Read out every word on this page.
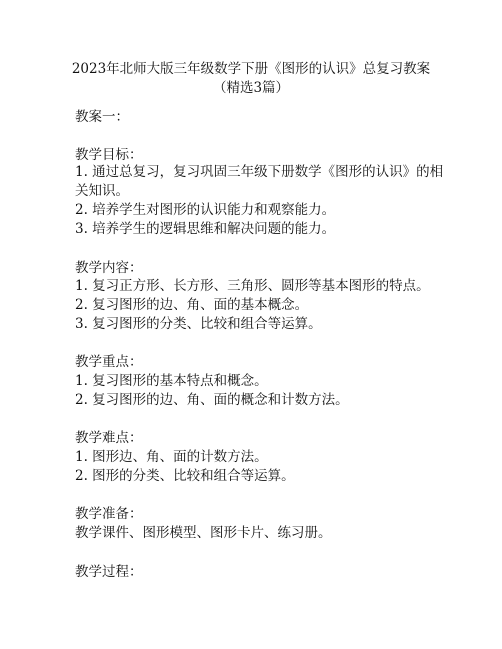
2023年北师大版三年级数学下册《图形的认识》总复习教案
（精选3篇）
教案一：
教学目标：
1. 通过总复习，复习巩固三年级下册数学《图形的认识》的相
关知识。
2. 培养学生对图形的认识能力和观察能力。
3. 培养学生的逻辑思维和解决问题的能力。
教学内容：
1. 复习正方形、长方形、三角形、圆形等基本图形的特点。
2. 复习图形的边、角、面的基本概念。
3. 复习图形的分类、比较和组合等运算。
教学重点：
1. 复习图形的基本特点和概念。
2. 复习图形的边、角、面的概念和计数方法。
教学难点：
1. 图形边、角、面的计数方法。
2. 图形的分类、比较和组合等运算。
教学准备：
教学课件、图形模型、图形卡片、练习册。
教学过程：
